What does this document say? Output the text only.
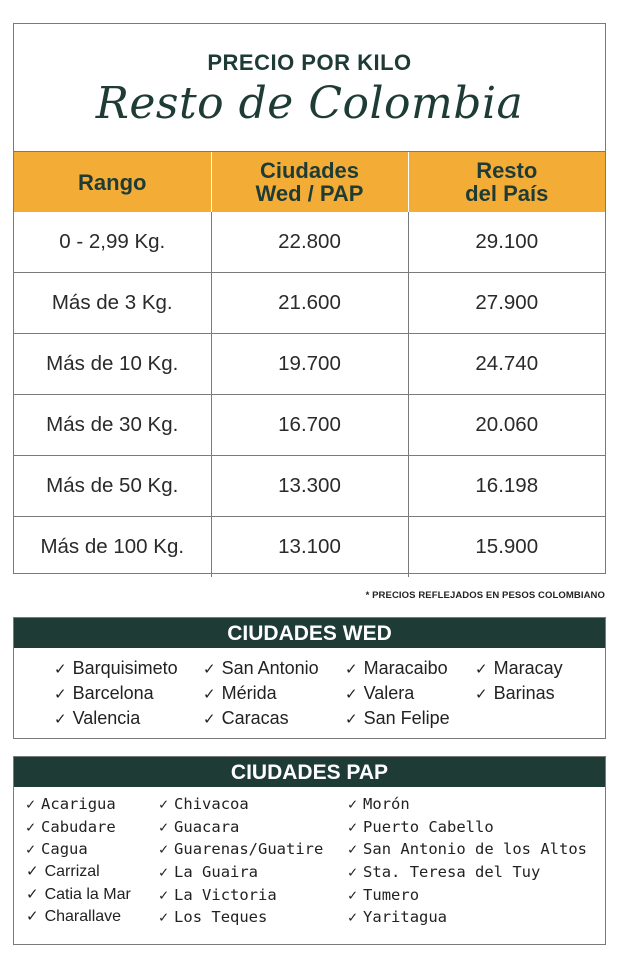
PRECIO POR KILO
Resto de Colombia
Rango	Ciudades Wed / PAP	Resto del País
0 - 2,99 Kg.	22.800	29.100
Más de 3 Kg.	21.600	27.900
Más de 10 Kg.	19.700	24.740
Más de 30 Kg.	16.700	20.060
Más de 50 Kg.	13.300	16.198
Más de 100 Kg.	13.100	15.900
* PRECIOS REFLEJADOS EN PESOS COLOMBIANO
CIUDADES WED
✓ Barquisimeto
✓ Barcelona
✓ Valencia
✓ San Antonio
✓ Mérida
✓ Caracas
✓ Maracaibo
✓ Valera
✓ San Felipe
✓ Maracay
✓ Barinas
CIUDADES PAP
✓ Acarigua
✓ Cabudare
✓ Cagua
✓ Carrizal
✓ Catia la Mar
✓ Charallave
✓ Chivacoa
✓ Guacara
✓ Guarenas/Guatire
✓ La Guaira
✓ La Victoria
✓ Los Teques
✓ Morón
✓ Puerto Cabello
✓ San Antonio de los Altos
✓ Sta. Teresa del Tuy
✓ Tumero
✓ Yaritagua
